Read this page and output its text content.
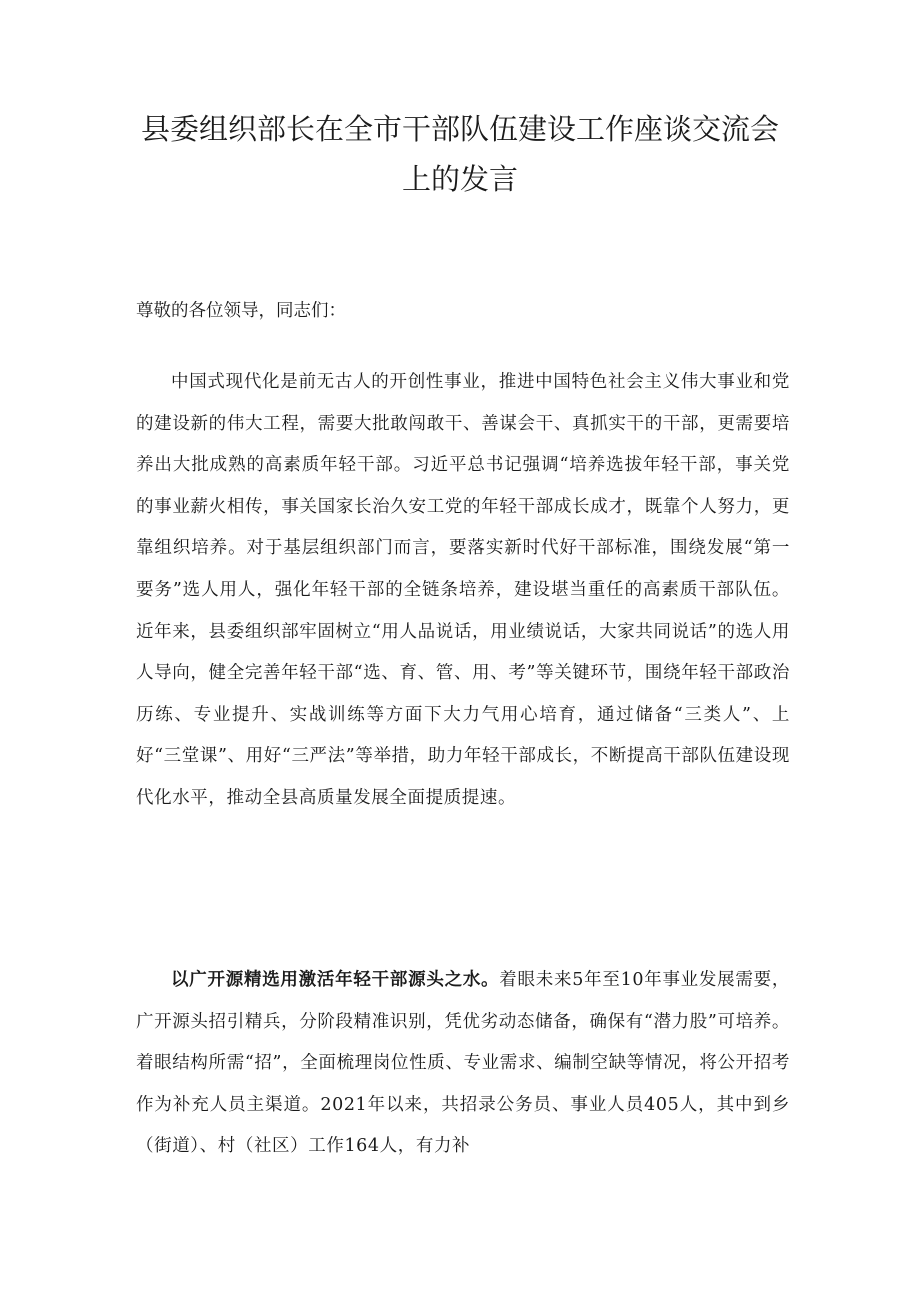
县委组织部长在全市干部队伍建设工作座谈交流会上的发言

尊敬的各位领导，同志们：

中国式现代化是前无古人的开创性事业，推进中国特色社会主义伟大事业和党的建设新的伟大工程，需要大批敢闯敢干、善谋会干、真抓实干的干部，更需要培养出大批成熟的高素质年轻干部。习近平总书记强调“培养选拔年轻干部，事关党的事业薪火相传，事关国家长治久安工党的年轻干部成长成才，既靠个人努力，更靠组织培养。对于基层组织部门而言，要落实新时代好干部标准，围绕发展“第一要务”选人用人，强化年轻干部的全链条培养，建设堪当重任的高素质干部队伍。近年来，县委组织部牢固树立“用人品说话，用业绩说话，大家共同说话”的选人用人导向，健全完善年轻干部“选、育、管、用、考”等关键环节，围绕年轻干部政治历练、专业提升、实战训练等方面下大力气用心培育，通过储备“三类人”、上好“三堂课”、用好“三严法”等举措，助力年轻干部成长，不断提高干部队伍建设现代化水平，推动全县高质量发展全面提质提速。

以广开源精选用激活年轻干部源头之水。着眼未来5年至10年事业发展需要，广开源头招引精兵，分阶段精准识别，凭优劣动态储备，确保有“潜力股”可培养。着眼结构所需“招”，全面梳理岗位性质、专业需求、编制空缺等情况，将公开招考作为补充人员主渠道。2021年以来，共招录公务员、事业人员405人，其中到乡（街道）、村（社区）工作164人，有力补
